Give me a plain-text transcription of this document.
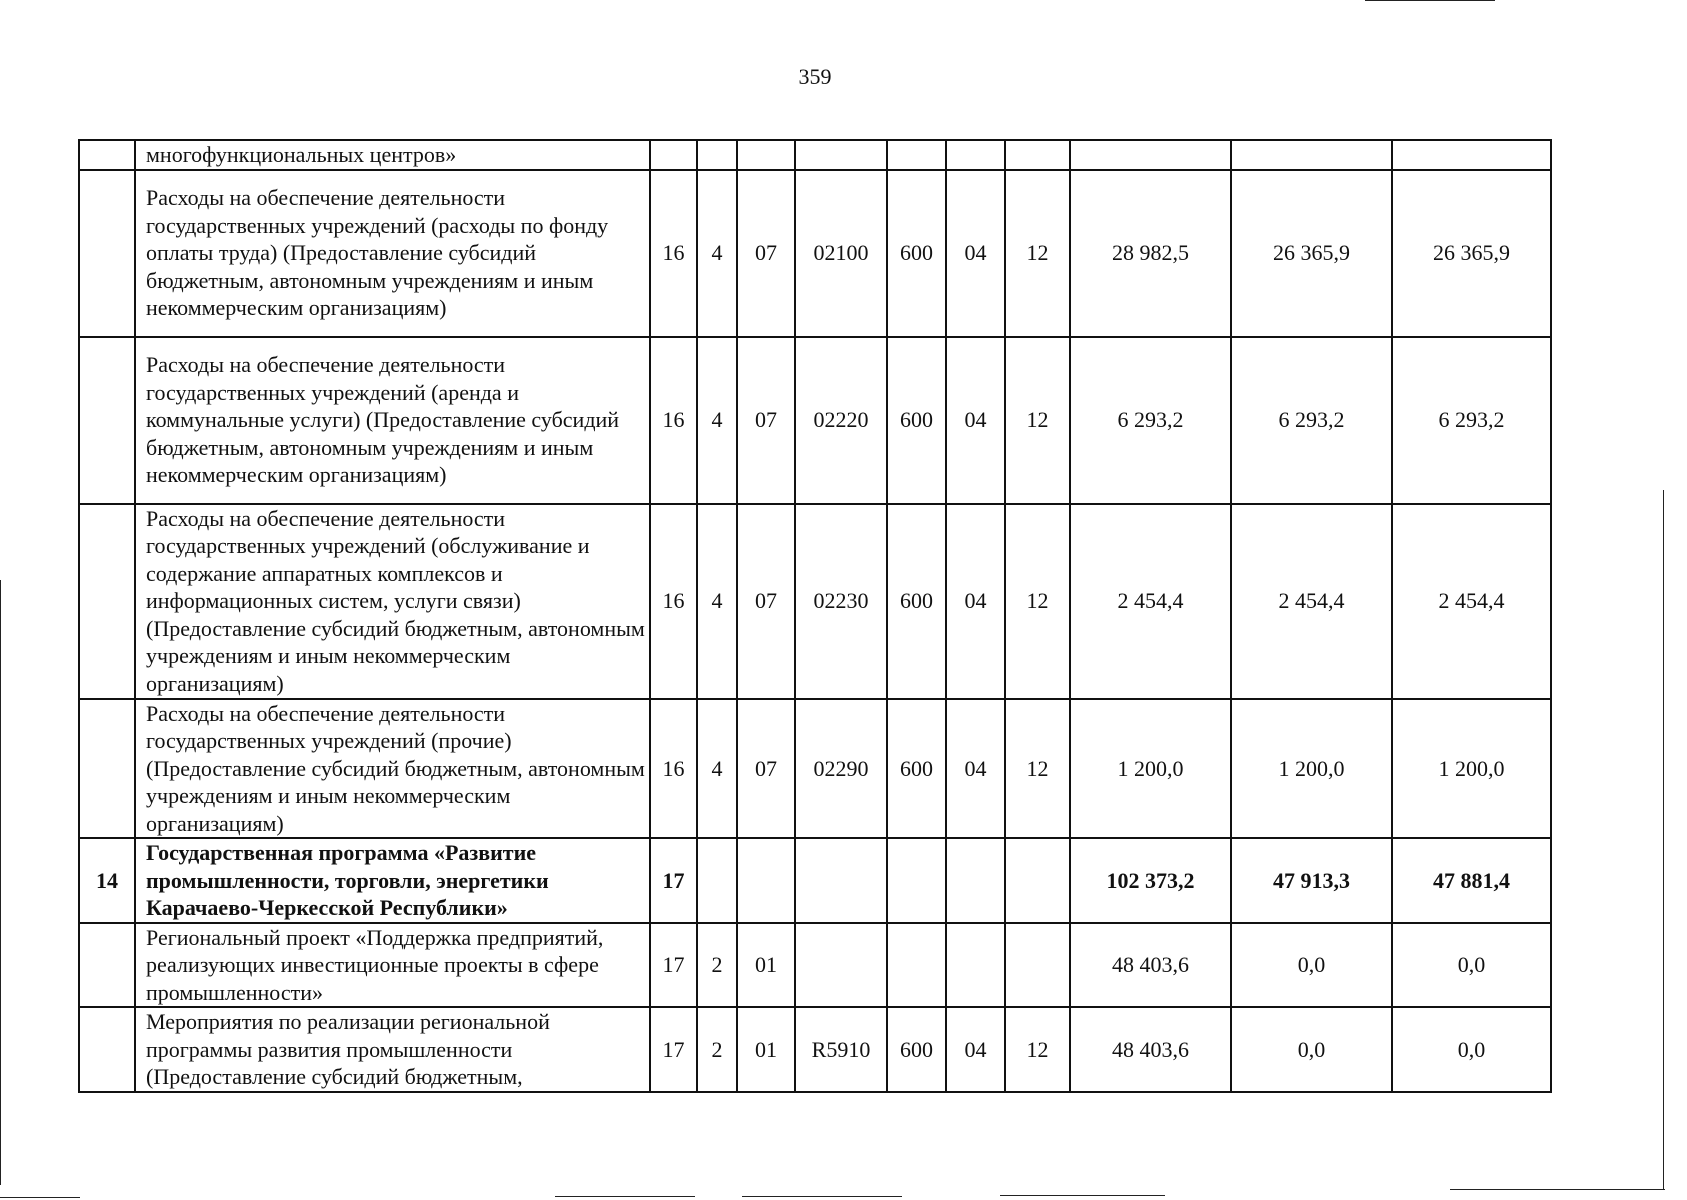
359
	многофункциональных центров»										
	Расходы на обеспечение деятельности государственных учреждений (расходы по фонду оплаты труда) (Предоставление субсидий бюджетным, автономным учреждениям и иным некоммерческим организациям)	16	4	07	02100	600	04	12	28 982,5	26 365,9	26 365,9
	Расходы на обеспечение деятельности государственных учреждений (аренда и коммунальные услуги) (Предоставление субсидий бюджетным, автономным учреждениям и иным некоммерческим организациям)	16	4	07	02220	600	04	12	6 293,2	6 293,2	6 293,2
	Расходы на обеспечение деятельности государственных учреждений (обслуживание и содержание аппаратных комплексов и информационных систем, услуги связи) (Предоставление субсидий бюджетным, автономным учреждениям и иным некоммерческим организациям)	16	4	07	02230	600	04	12	2 454,4	2 454,4	2 454,4
	Расходы на обеспечение деятельности государственных учреждений (прочие) (Предоставление субсидий бюджетным, автономным учреждениям и иным некоммерческим организациям)	16	4	07	02290	600	04	12	1 200,0	1 200,0	1 200,0
14	Государственная программа «Развитие промышленности, торговли, энергетики Карачаево-Черкесской Республики»	17							102 373,2	47 913,3	47 881,4
	Региональный проект «Поддержка предприятий, реализующих инвестиционные проекты в сфере промышленности»	17	2	01					48 403,6	0,0	0,0
	Мероприятия по реализации региональной программы развития промышленности (Предоставление субсидий бюджетным,	17	2	01	R5910	600	04	12	48 403,6	0,0	0,0
